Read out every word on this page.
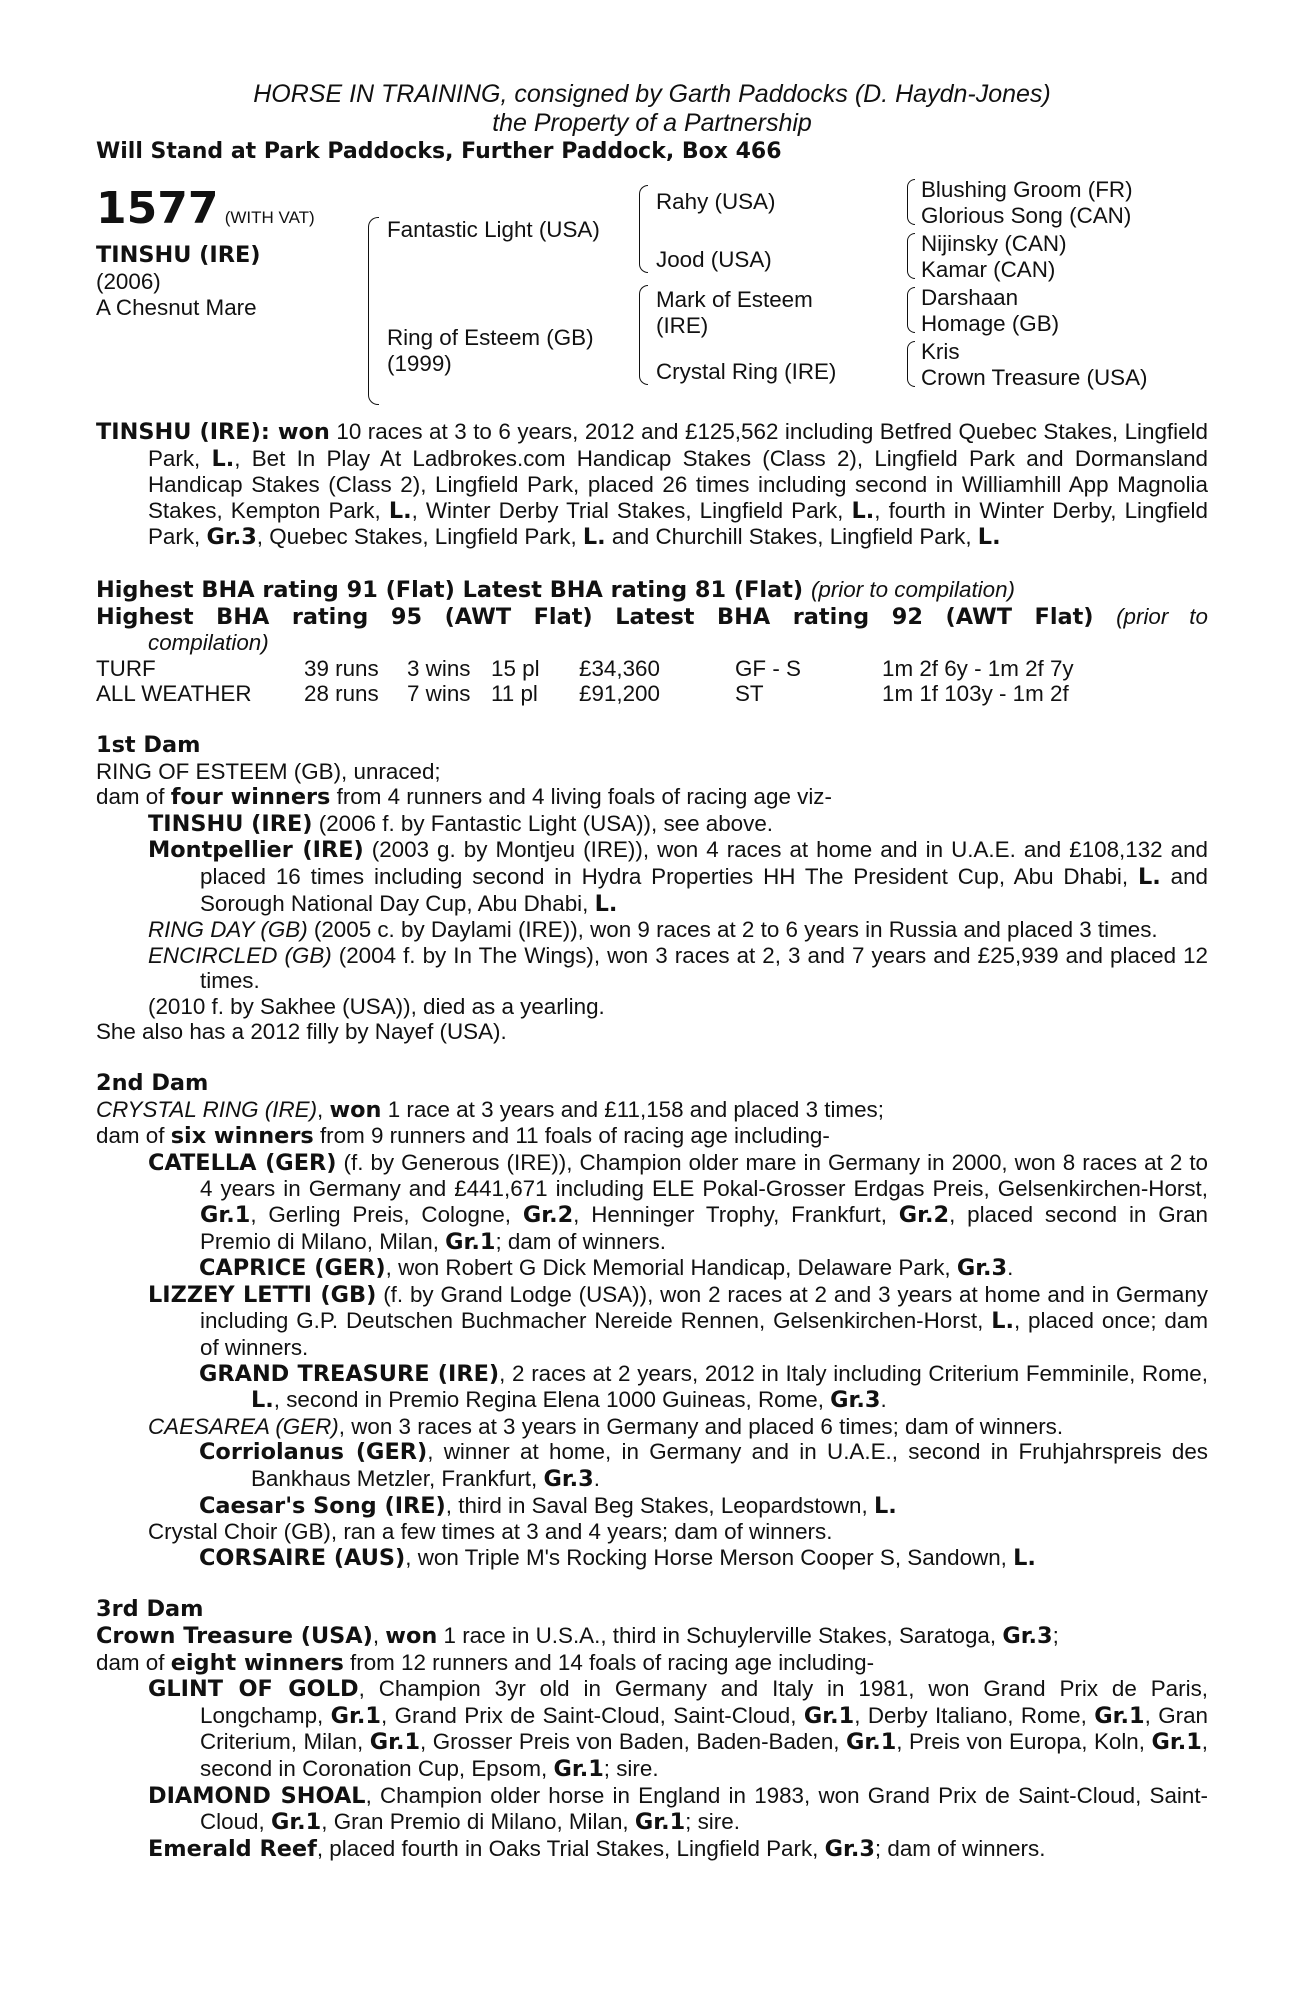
HORSE IN TRAINING, consigned by Garth Paddocks (D. Haydn-Jones)
the Property of a Partnership
Will Stand at Park Paddocks, Further Paddock, Box 466
1577 (WITH VAT)
TINSHU (IRE)
(2006)
A Chesnut Mare
Fantastic Light (USA)
Ring of Esteem (GB)
(1999)
Rahy (USA)
Jood (USA)
Mark of Esteem
(IRE)
Crystal Ring (IRE)
Blushing Groom (FR)
Glorious Song (CAN)
Nijinsky (CAN)
Kamar (CAN)
Darshaan
Homage (GB)
Kris
Crown Treasure (USA)
TINSHU (IRE): won 10 races at 3 to 6 years, 2012 and £125,562 including Betfred Quebec Stakes, Lingfield Park, L., Bet In Play At Ladbrokes.com Handicap Stakes (Class 2), Lingfield Park and Dormansland Handicap Stakes (Class 2), Lingfield Park, placed 26 times including second in Williamhill App Magnolia Stakes, Kempton Park, L., Winter Derby Trial Stakes, Lingfield Park, L., fourth in Winter Derby, Lingfield Park, Gr.3, Quebec Stakes, Lingfield Park, L. and Churchill Stakes, Lingfield Park, L.
Highest BHA rating 91 (Flat) Latest BHA rating 81 (Flat) (prior to compilation)
Highest BHA rating 95 (AWT Flat) Latest BHA rating 92 (AWT Flat) (prior to
compilation)
TURF	39 runs	3 wins	15 pl	£34,360	GF - S	1m 2f 6y - 1m 2f 7y
ALL WEATHER	28 runs	7 wins	11 pl	£91,200	ST	1m 1f 103y - 1m 2f
1st Dam
RING OF ESTEEM (GB), unraced;
dam of four winners from 4 runners and 4 living foals of racing age viz-
TINSHU (IRE) (2006 f. by Fantastic Light (USA)), see above.
Montpellier (IRE) (2003 g. by Montjeu (IRE)), won 4 races at home and in U.A.E. and £108,132 and placed 16 times including second in Hydra Properties HH The President Cup, Abu Dhabi, L. and Sorough National Day Cup, Abu Dhabi, L.
RING DAY (GB) (2005 c. by Daylami (IRE)), won 9 races at 2 to 6 years in Russia and placed 3 times.
ENCIRCLED (GB) (2004 f. by In The Wings), won 3 races at 2, 3 and 7 years and £25,939 and placed 12 times.
(2010 f. by Sakhee (USA)), died as a yearling.
She also has a 2012 filly by Nayef (USA).
2nd Dam
CRYSTAL RING (IRE), won 1 race at 3 years and £11,158 and placed 3 times;
dam of six winners from 9 runners and 11 foals of racing age including-
CATELLA (GER) (f. by Generous (IRE)), Champion older mare in Germany in 2000, won 8 races at 2 to 4 years in Germany and £441,671 including ELE Pokal-Grosser Erdgas Preis, Gelsenkirchen-Horst, Gr.1, Gerling Preis, Cologne, Gr.2, Henninger Trophy, Frankfurt, Gr.2, placed second in Gran Premio di Milano, Milan, Gr.1; dam of winners.
CAPRICE (GER), won Robert G Dick Memorial Handicap, Delaware Park, Gr.3.
LIZZEY LETTI (GB) (f. by Grand Lodge (USA)), won 2 races at 2 and 3 years at home and in Germany including G.P. Deutschen Buchmacher Nereide Rennen, Gelsenkirchen-Horst, L., placed once; dam of winners.
GRAND TREASURE (IRE), 2 races at 2 years, 2012 in Italy including Criterium Femminile, Rome, L., second in Premio Regina Elena 1000 Guineas, Rome, Gr.3.
CAESAREA (GER), won 3 races at 3 years in Germany and placed 6 times; dam of winners.
Corriolanus (GER), winner at home, in Germany and in U.A.E., second in Fruhjahrspreis des Bankhaus Metzler, Frankfurt, Gr.3.
Caesar's Song (IRE), third in Saval Beg Stakes, Leopardstown, L.
Crystal Choir (GB), ran a few times at 3 and 4 years; dam of winners.
CORSAIRE (AUS), won Triple M's Rocking Horse Merson Cooper S, Sandown, L.
3rd Dam
Crown Treasure (USA), won 1 race in U.S.A., third in Schuylerville Stakes, Saratoga, Gr.3;
dam of eight winners from 12 runners and 14 foals of racing age including-
GLINT OF GOLD, Champion 3yr old in Germany and Italy in 1981, won Grand Prix de Paris, Longchamp, Gr.1, Grand Prix de Saint-Cloud, Saint-Cloud, Gr.1, Derby Italiano, Rome, Gr.1, Gran Criterium, Milan, Gr.1, Grosser Preis von Baden, Baden-Baden, Gr.1, Preis von Europa, Koln, Gr.1, second in Coronation Cup, Epsom, Gr.1; sire.
DIAMOND SHOAL, Champion older horse in England in 1983, won Grand Prix de Saint-Cloud, Saint-Cloud, Gr.1, Gran Premio di Milano, Milan, Gr.1; sire.
Emerald Reef, placed fourth in Oaks Trial Stakes, Lingfield Park, Gr.3; dam of winners.
